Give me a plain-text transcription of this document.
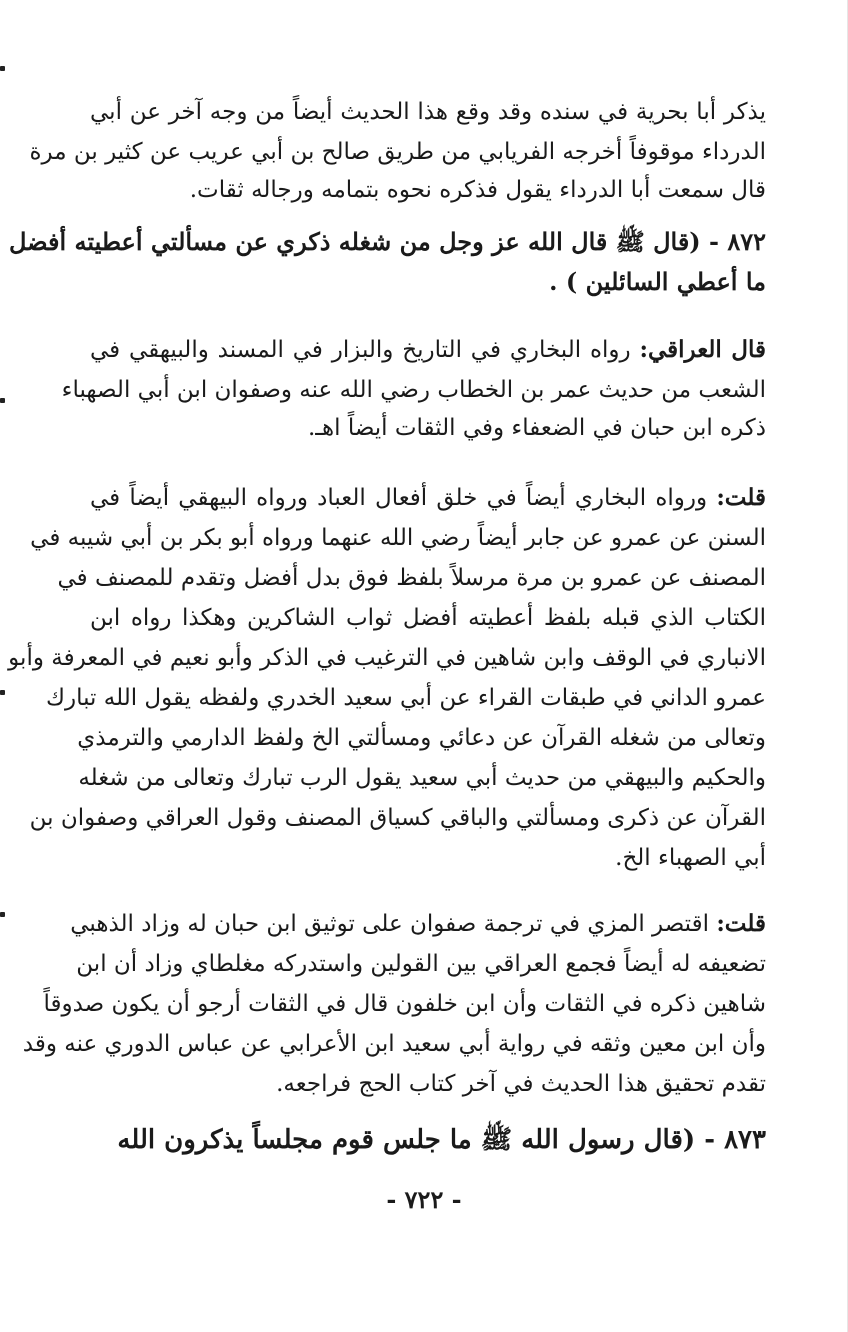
يذكر أبا بحرية في سنده وقد وقع هذا الحديث أيضاً من وجه آخر عن أبي
الدرداء موقوفاً أخرجه الفريابي من طريق صالح بن أبي عريب عن كثير بن مرة
قال سمعت أبا الدرداء يقول فذكره نحوه بتمامه ورجاله ثقات.
٨٧٢ - (قال ﷺ قال الله عز وجل من شغله ذكري عن مسألتي أعطيته أفضل
ما أعطي السائلين ) .
قال العراقي: رواه البخاري في التاريخ والبزار في المسند والبيهقي في
الشعب من حديث عمر بن الخطاب رضي الله عنه وصفوان ابن أبي الصهباء
ذكره ابن حبان في الضعفاء وفي الثقات أيضاً اهـ.
قلت: ورواه البخاري أيضاً في خلق أفعال العباد ورواه البيهقي أيضاً في
السنن عن عمرو عن جابر أيضاً رضي الله عنهما ورواه أبو بكر بن أبي شيبه في
المصنف عن عمرو بن مرة مرسلاً بلفظ فوق بدل أفضل وتقدم للمصنف في
الكتاب الذي قبله بلفظ أعطيته أفضل ثواب الشاكرين وهكذا رواه ابن
الانباري في الوقف وابن شاهين في الترغيب في الذكر وأبو نعيم في المعرفة وأبو
عمرو الداني في طبقات القراء عن أبي سعيد الخدري ولفظه يقول الله تبارك
وتعالى من شغله القرآن عن دعائي ومسألتي الخ ولفظ الدارمي والترمذي
والحكيم والبيهقي من حديث أبي سعيد يقول الرب تبارك وتعالى من شغله
القرآن عن ذكرى ومسألتي والباقي كسياق المصنف وقول العراقي وصفوان بن
أبي الصهباء الخ.
قلت: اقتصر المزي في ترجمة صفوان على توثيق ابن حبان له وزاد الذهبي
تضعيفه له أيضاً فجمع العراقي بين القولين واستدركه مغلطاي وزاد أن ابن
شاهين ذكره في الثقات وأن ابن خلفون قال في الثقات أرجو أن يكون صدوقاً
وأن ابن معين وثقه في رواية أبي سعيد ابن الأعرابي عن عباس الدوري عنه وقد
تقدم تحقيق هذا الحديث في آخر كتاب الحج فراجعه.
٨٧٣ - (قال رسول الله ﷺ ما جلس قوم مجلساً يذكرون الله
- ٧٢٢ -
